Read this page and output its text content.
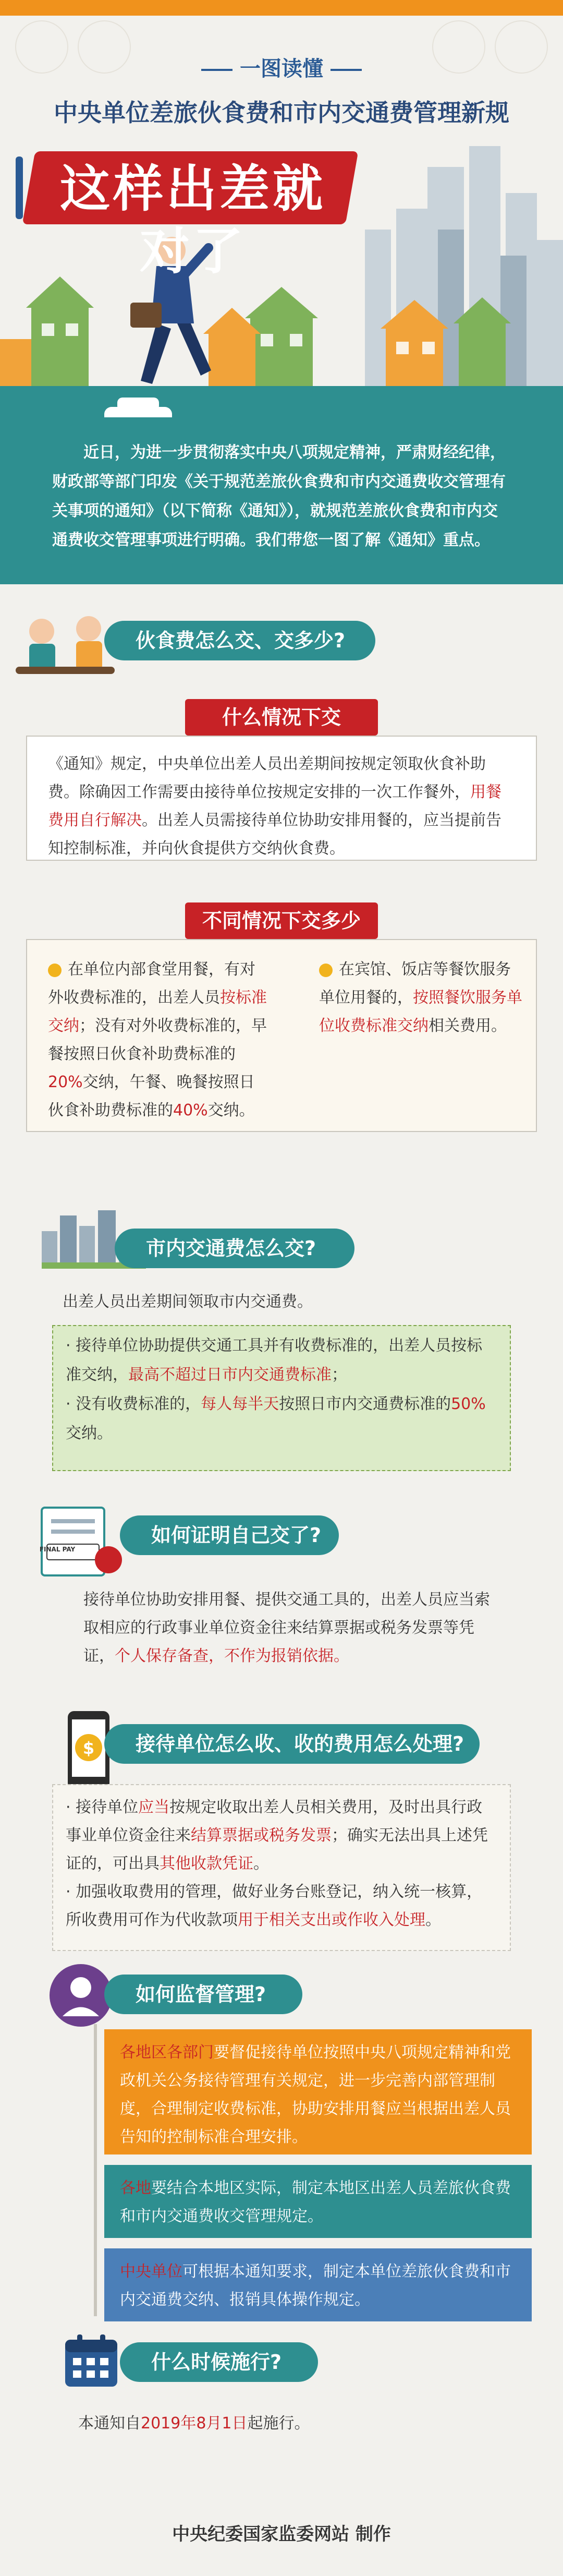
一图读懂
中央单位差旅伙食费和市内交通费管理新规
这样出差就对了

近日，为进一步贯彻落实中央八项规定精神，严肃财经纪律，财政部等部门印发《关于规范差旅伙食费和市内交通费收交管理有关事项的通知》（以下简称《通知》），就规范差旅伙食费和市内交通费收交管理事项进行明确。我们带您一图了解《通知》重点。

伙食费怎么交、交多少?
什么情况下交
《通知》规定，中央单位出差人员出差期间按规定领取伙食补助费。除确因工作需要由接待单位按规定安排的一次工作餐外，用餐费用自行解决。出差人员需接待单位协助安排用餐的，应当提前告知控制标准，并向伙食提供方交纳伙食费。
不同情况下交多少
在单位内部食堂用餐，有对外收费标准的，出差人员按标准交纳；没有对外收费标准的，早餐按照日伙食补助费标准的20%交纳，午餐、晚餐按照日伙食补助费标准的40%交纳。
在宾馆、饭店等餐饮服务单位用餐的，按照餐饮服务单位收费标准交纳相关费用。
市内交通费怎么交?
出差人员出差期间领取市内交通费。
· 接待单位协助提供交通工具并有收费标准的，出差人员按标准交纳，最高不超过日市内交通费标准；
· 没有收费标准的，每人每半天按照日市内交通费标准的50%交纳。
FINAL PAY
如何证明自己交了?
接待单位协助安排用餐、提供交通工具的，出差人员应当索取相应的行政事业单位资金往来结算票据或税务发票等凭证，个人保存备查，不作为报销依据。
$	接待单位怎么收、收的费用怎么处理?
· 接待单位应当按规定收取出差人员相关费用，及时出具行政事业单位资金往来结算票据或税务发票；确实无法出具上述凭证的，可出具其他收款凭证。
· 加强收取费用的管理，做好业务台账登记，纳入统一核算，所收费用可作为代收款项用于相关支出或作收入处理。
如何监督管理?
各地区各部门要督促接待单位按照中央八项规定精神和党政机关公务接待管理有关规定，进一步完善内部管理制度，合理制定收费标准，协助安排用餐应当根据出差人员告知的控制标准合理安排。
各地要结合本地区实际，制定本地区出差人员差旅伙食费和市内交通费收交管理规定。
中央单位可根据本通知要求，制定本单位差旅伙食费和市内交通费交纳、报销具体操作规定。
什么时候施行?
本通知自2019年8月1日起施行。
中央纪委国家监委网站 制作
